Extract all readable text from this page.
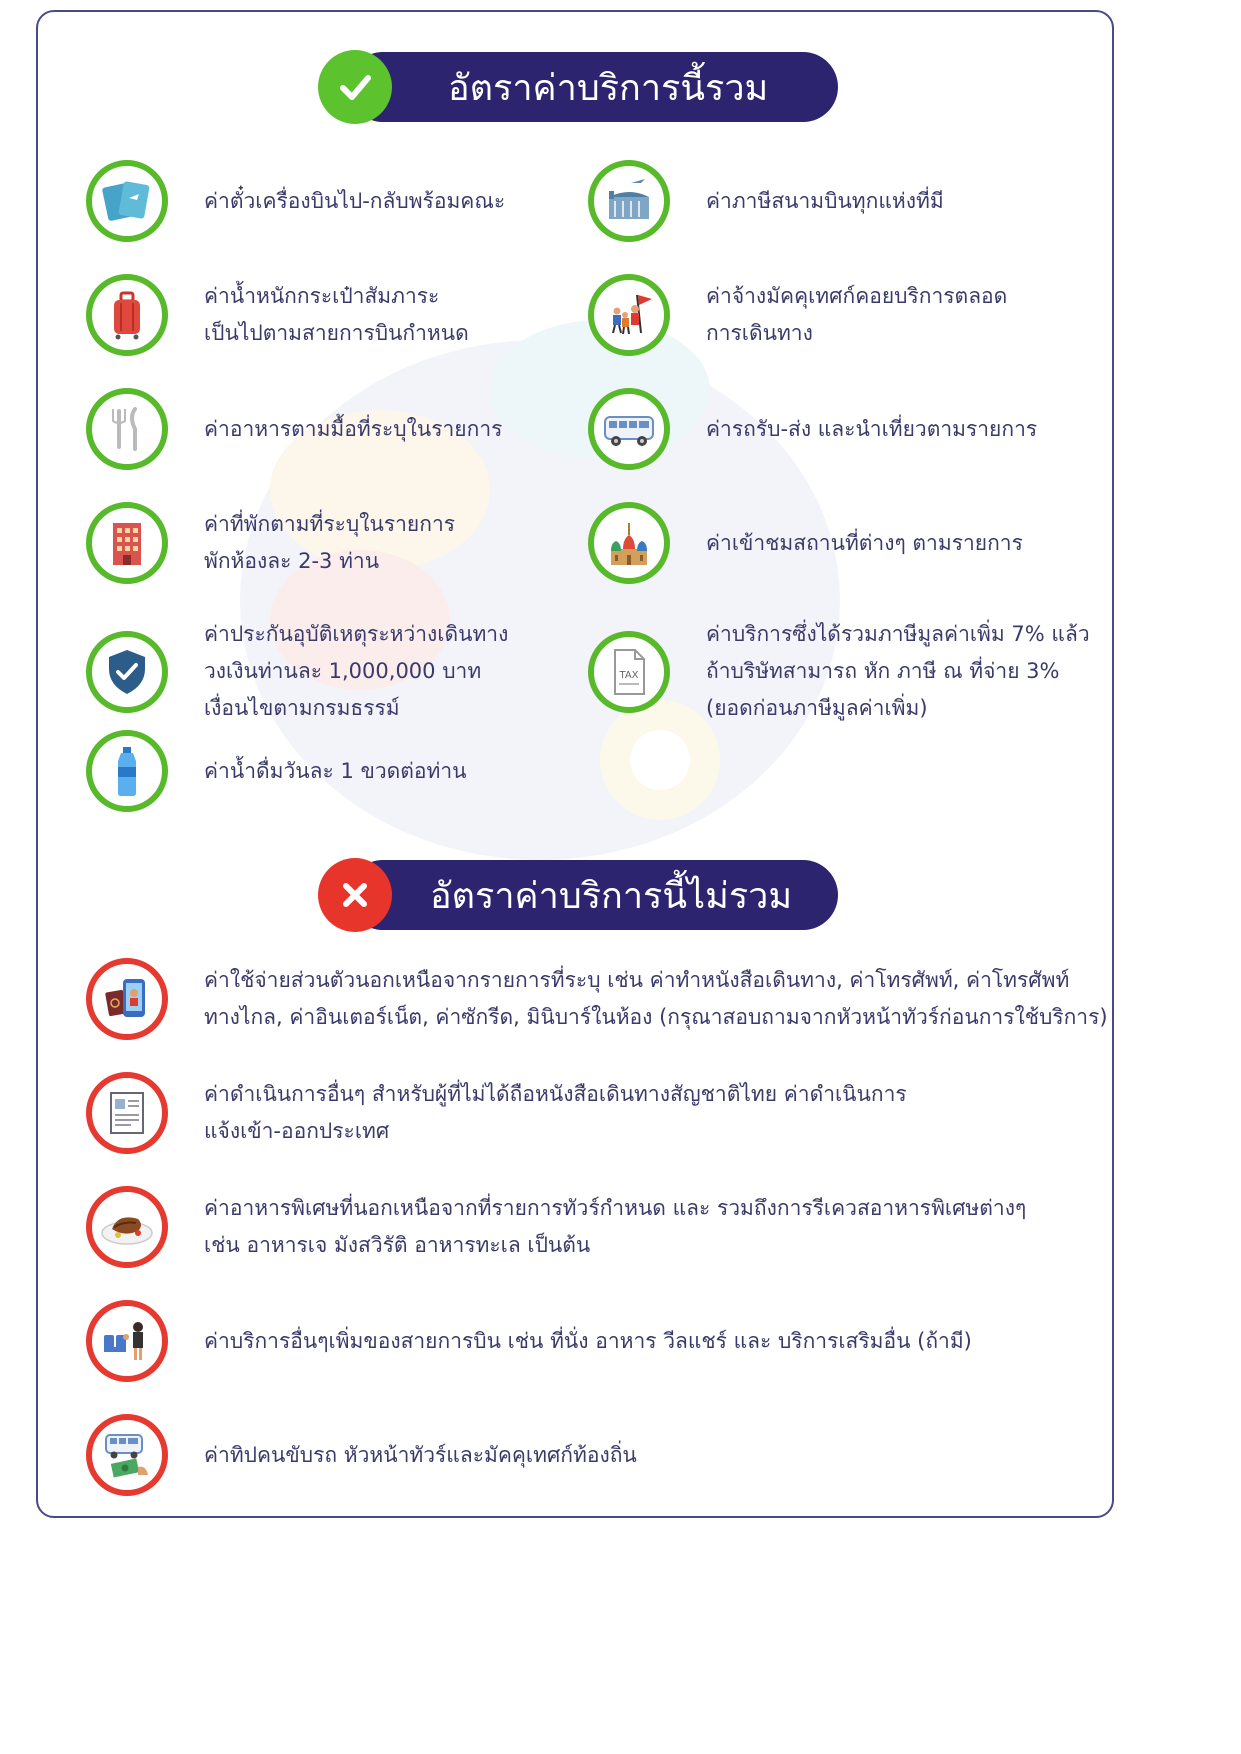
อัตราค่าบริการนี้รวม
ค่าตั๋วเครื่องบินไป-กลับพร้อมคณะ
ค่าน้ำหนักกระเป๋าสัมภาระ
เป็นไปตามสายการบินกำหนด
ค่าอาหารตามมื้อที่ระบุในรายการ
ค่าที่พักตามที่ระบุในรายการ
พักห้องละ 2-3 ท่าน
ค่าประกันอุบัติเหตุระหว่างเดินทาง
วงเงินท่านละ 1,000,000 บาท
เงื่อนไขตามกรมธรรม์
ค่าน้ำดื่มวันละ 1 ขวดต่อท่าน
ค่าภาษีสนามบินทุกแห่งที่มี
ค่าจ้างมัคคุเทศก์คอยบริการตลอด
การเดินทาง
ค่ารถรับ-ส่ง และนำเที่ยวตามรายการ
ค่าเข้าชมสถานที่ต่างๆ ตามรายการ
TAX
ค่าบริการซึ่งได้รวมภาษีมูลค่าเพิ่ม 7% แล้ว
ถ้าบริษัทสามารถ หัก ภาษี ณ ที่จ่าย 3%
(ยอดก่อนภาษีมูลค่าเพิ่ม)
อัตราค่าบริการนี้ไม่รวม
ค่าใช้จ่ายส่วนตัวนอกเหนือจากรายการที่ระบุ เช่น ค่าทำหนังสือเดินทาง, ค่าโทรศัพท์, ค่าโทรศัพท์
ทางไกล, ค่าอินเตอร์เน็ต, ค่าซักรีด, มินิบาร์ในห้อง (กรุณาสอบถามจากหัวหน้าทัวร์ก่อนการใช้บริการ)
ค่าดำเนินการอื่นๆ สำหรับผู้ที่ไม่ได้ถือหนังสือเดินทางสัญชาติไทย ค่าดำเนินการ
แจ้งเข้า-ออกประเทศ
ค่าอาหารพิเศษที่นอกเหนือจากที่รายการทัวร์กำหนด และ รวมถึงการรีเควสอาหารพิเศษต่างๆ
เช่น อาหารเจ มังสวิรัติ อาหารทะเล เป็นต้น
ค่าบริการอื่นๆเพิ่มของสายการบิน เช่น ที่นั่ง อาหาร วีลแชร์ และ บริการเสริมอื่น (ถ้ามี)
ค่าทิปคนขับรถ หัวหน้าทัวร์และมัคคุเทศก์ท้องถิ่น
